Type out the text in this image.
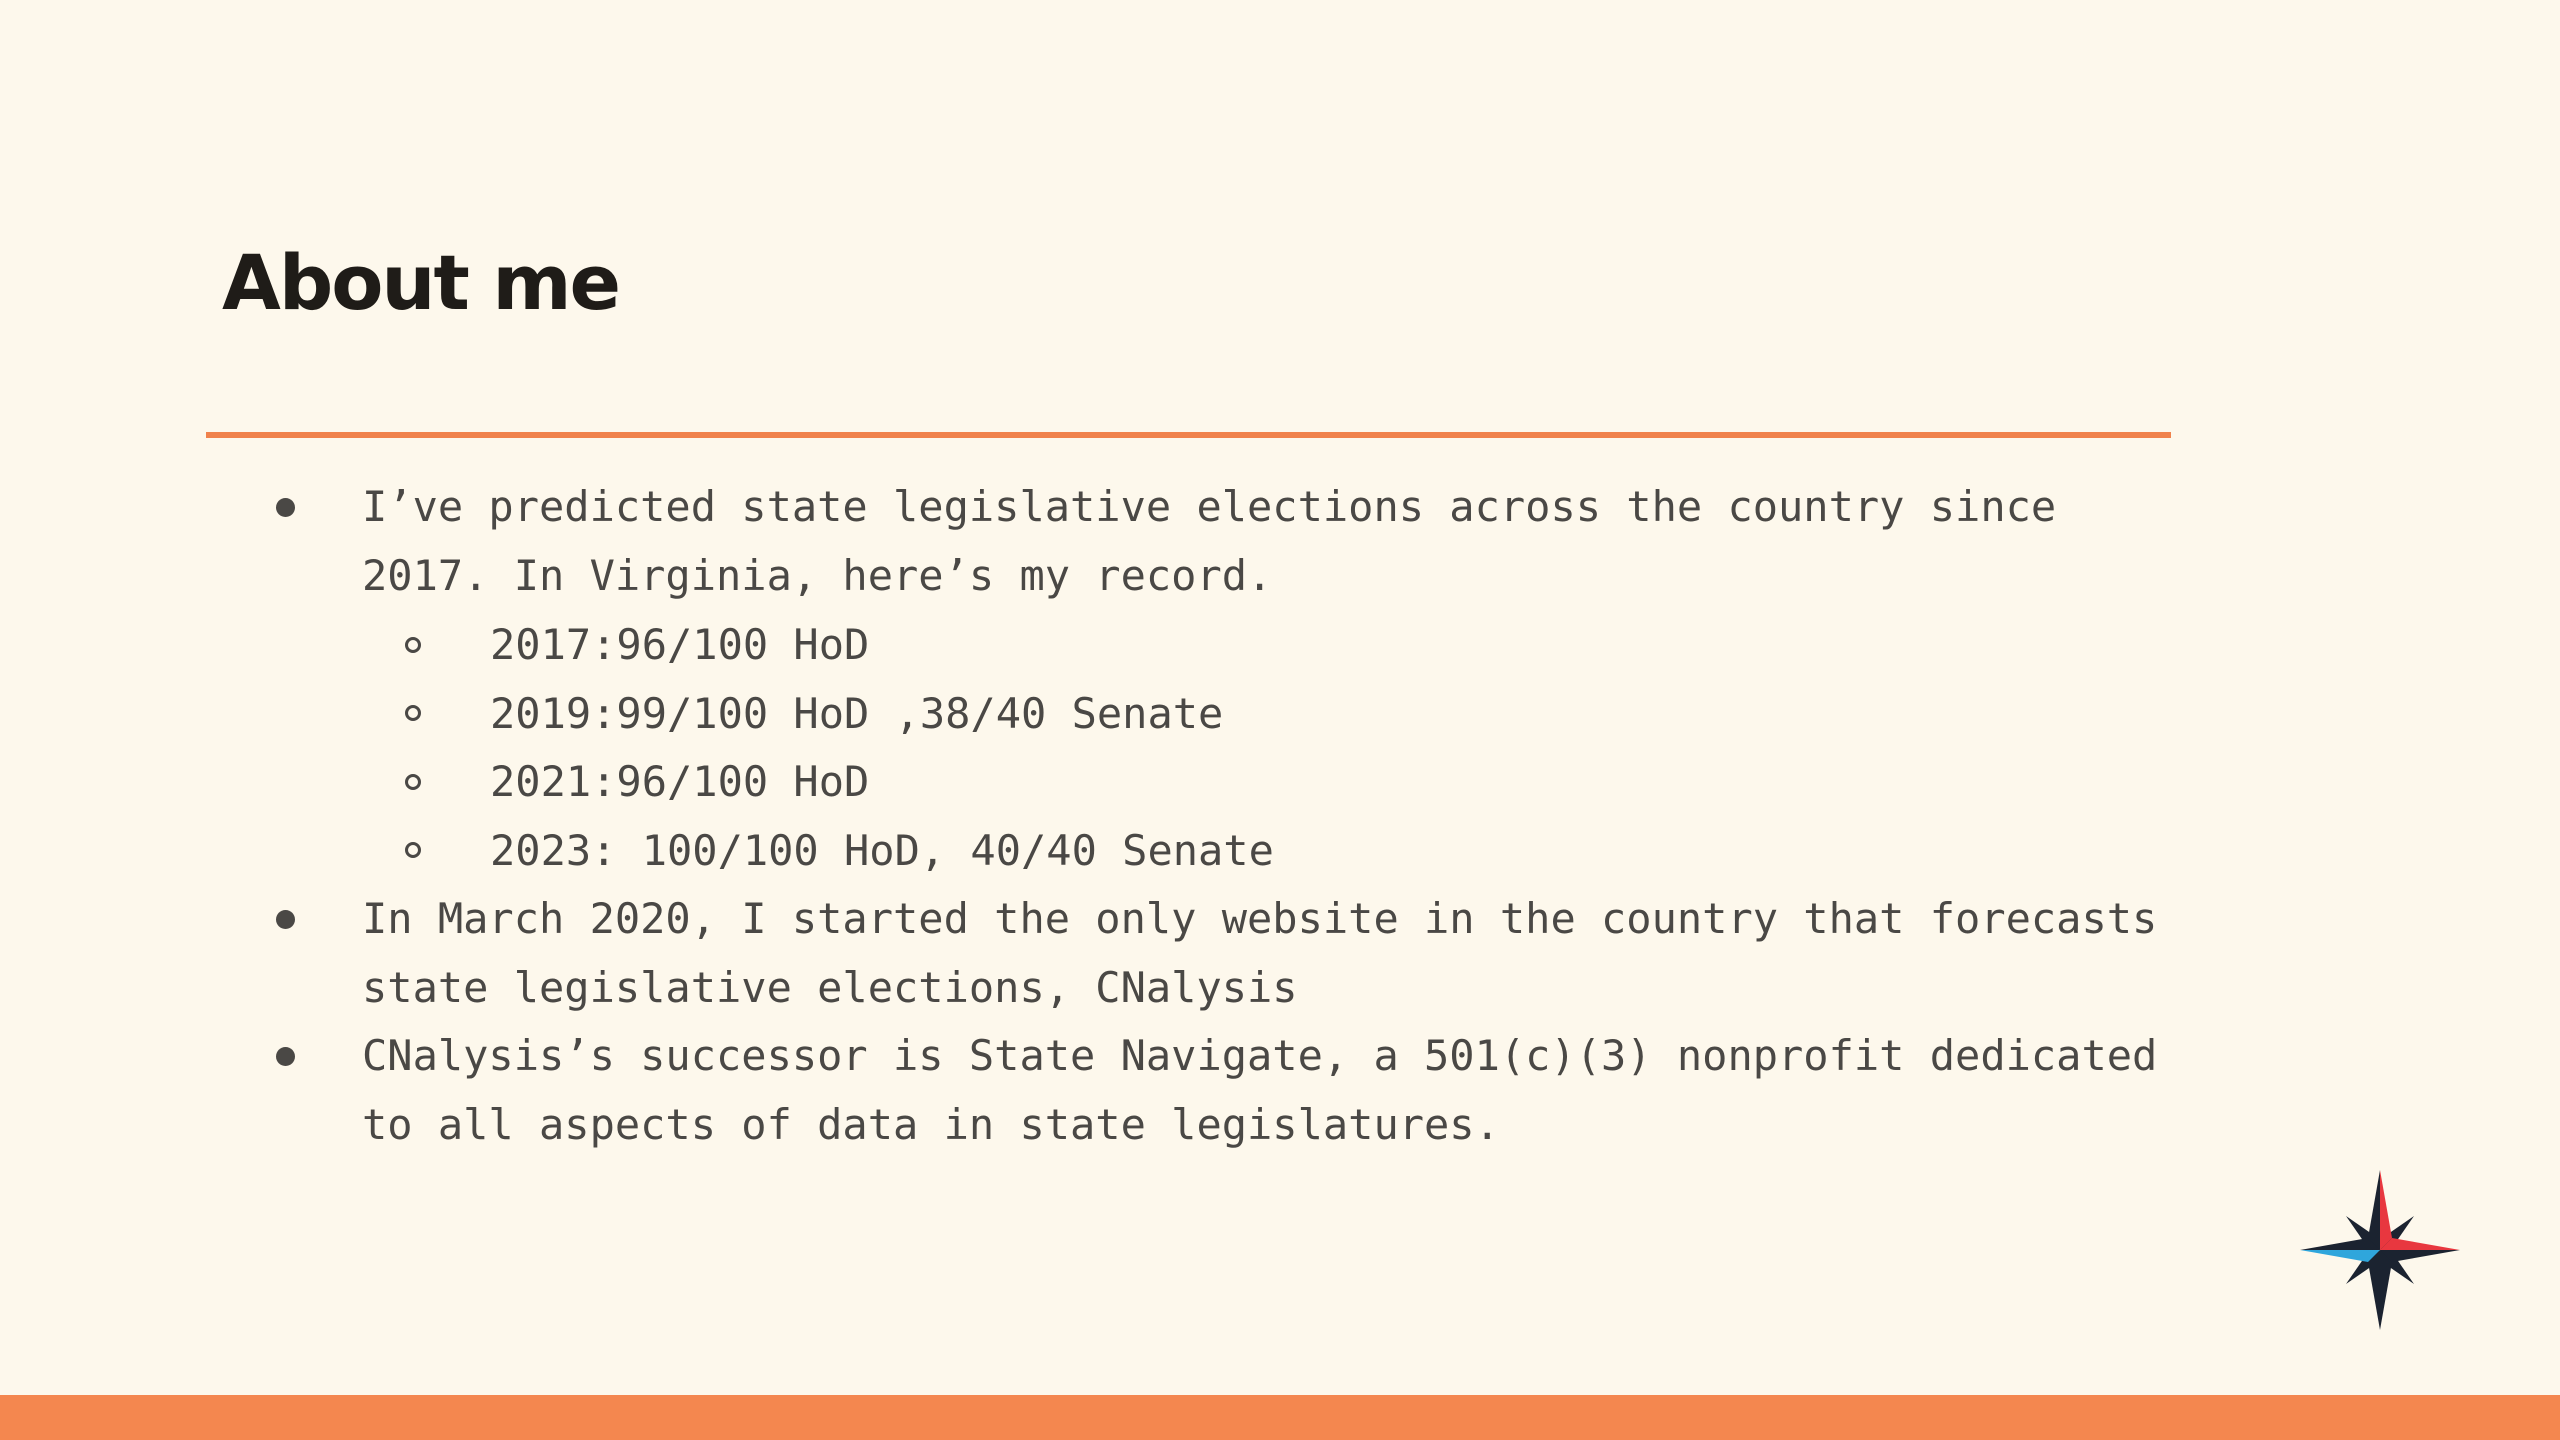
About me
I’ve predicted state legislative elections across the country since
2017. In Virginia, here’s my record.
2017:96/100 HoD
2019:99/100 HoD ,38/40 Senate
2021:96/100 HoD
2023: 100/100 HoD, 40/40 Senate
In March 2020, I started the only website in the country that forecasts
state legislative elections, CNalysis
CNalysis’s successor is State Navigate, a 501(c)(3) nonprofit dedicated
to all aspects of data in state legislatures.
